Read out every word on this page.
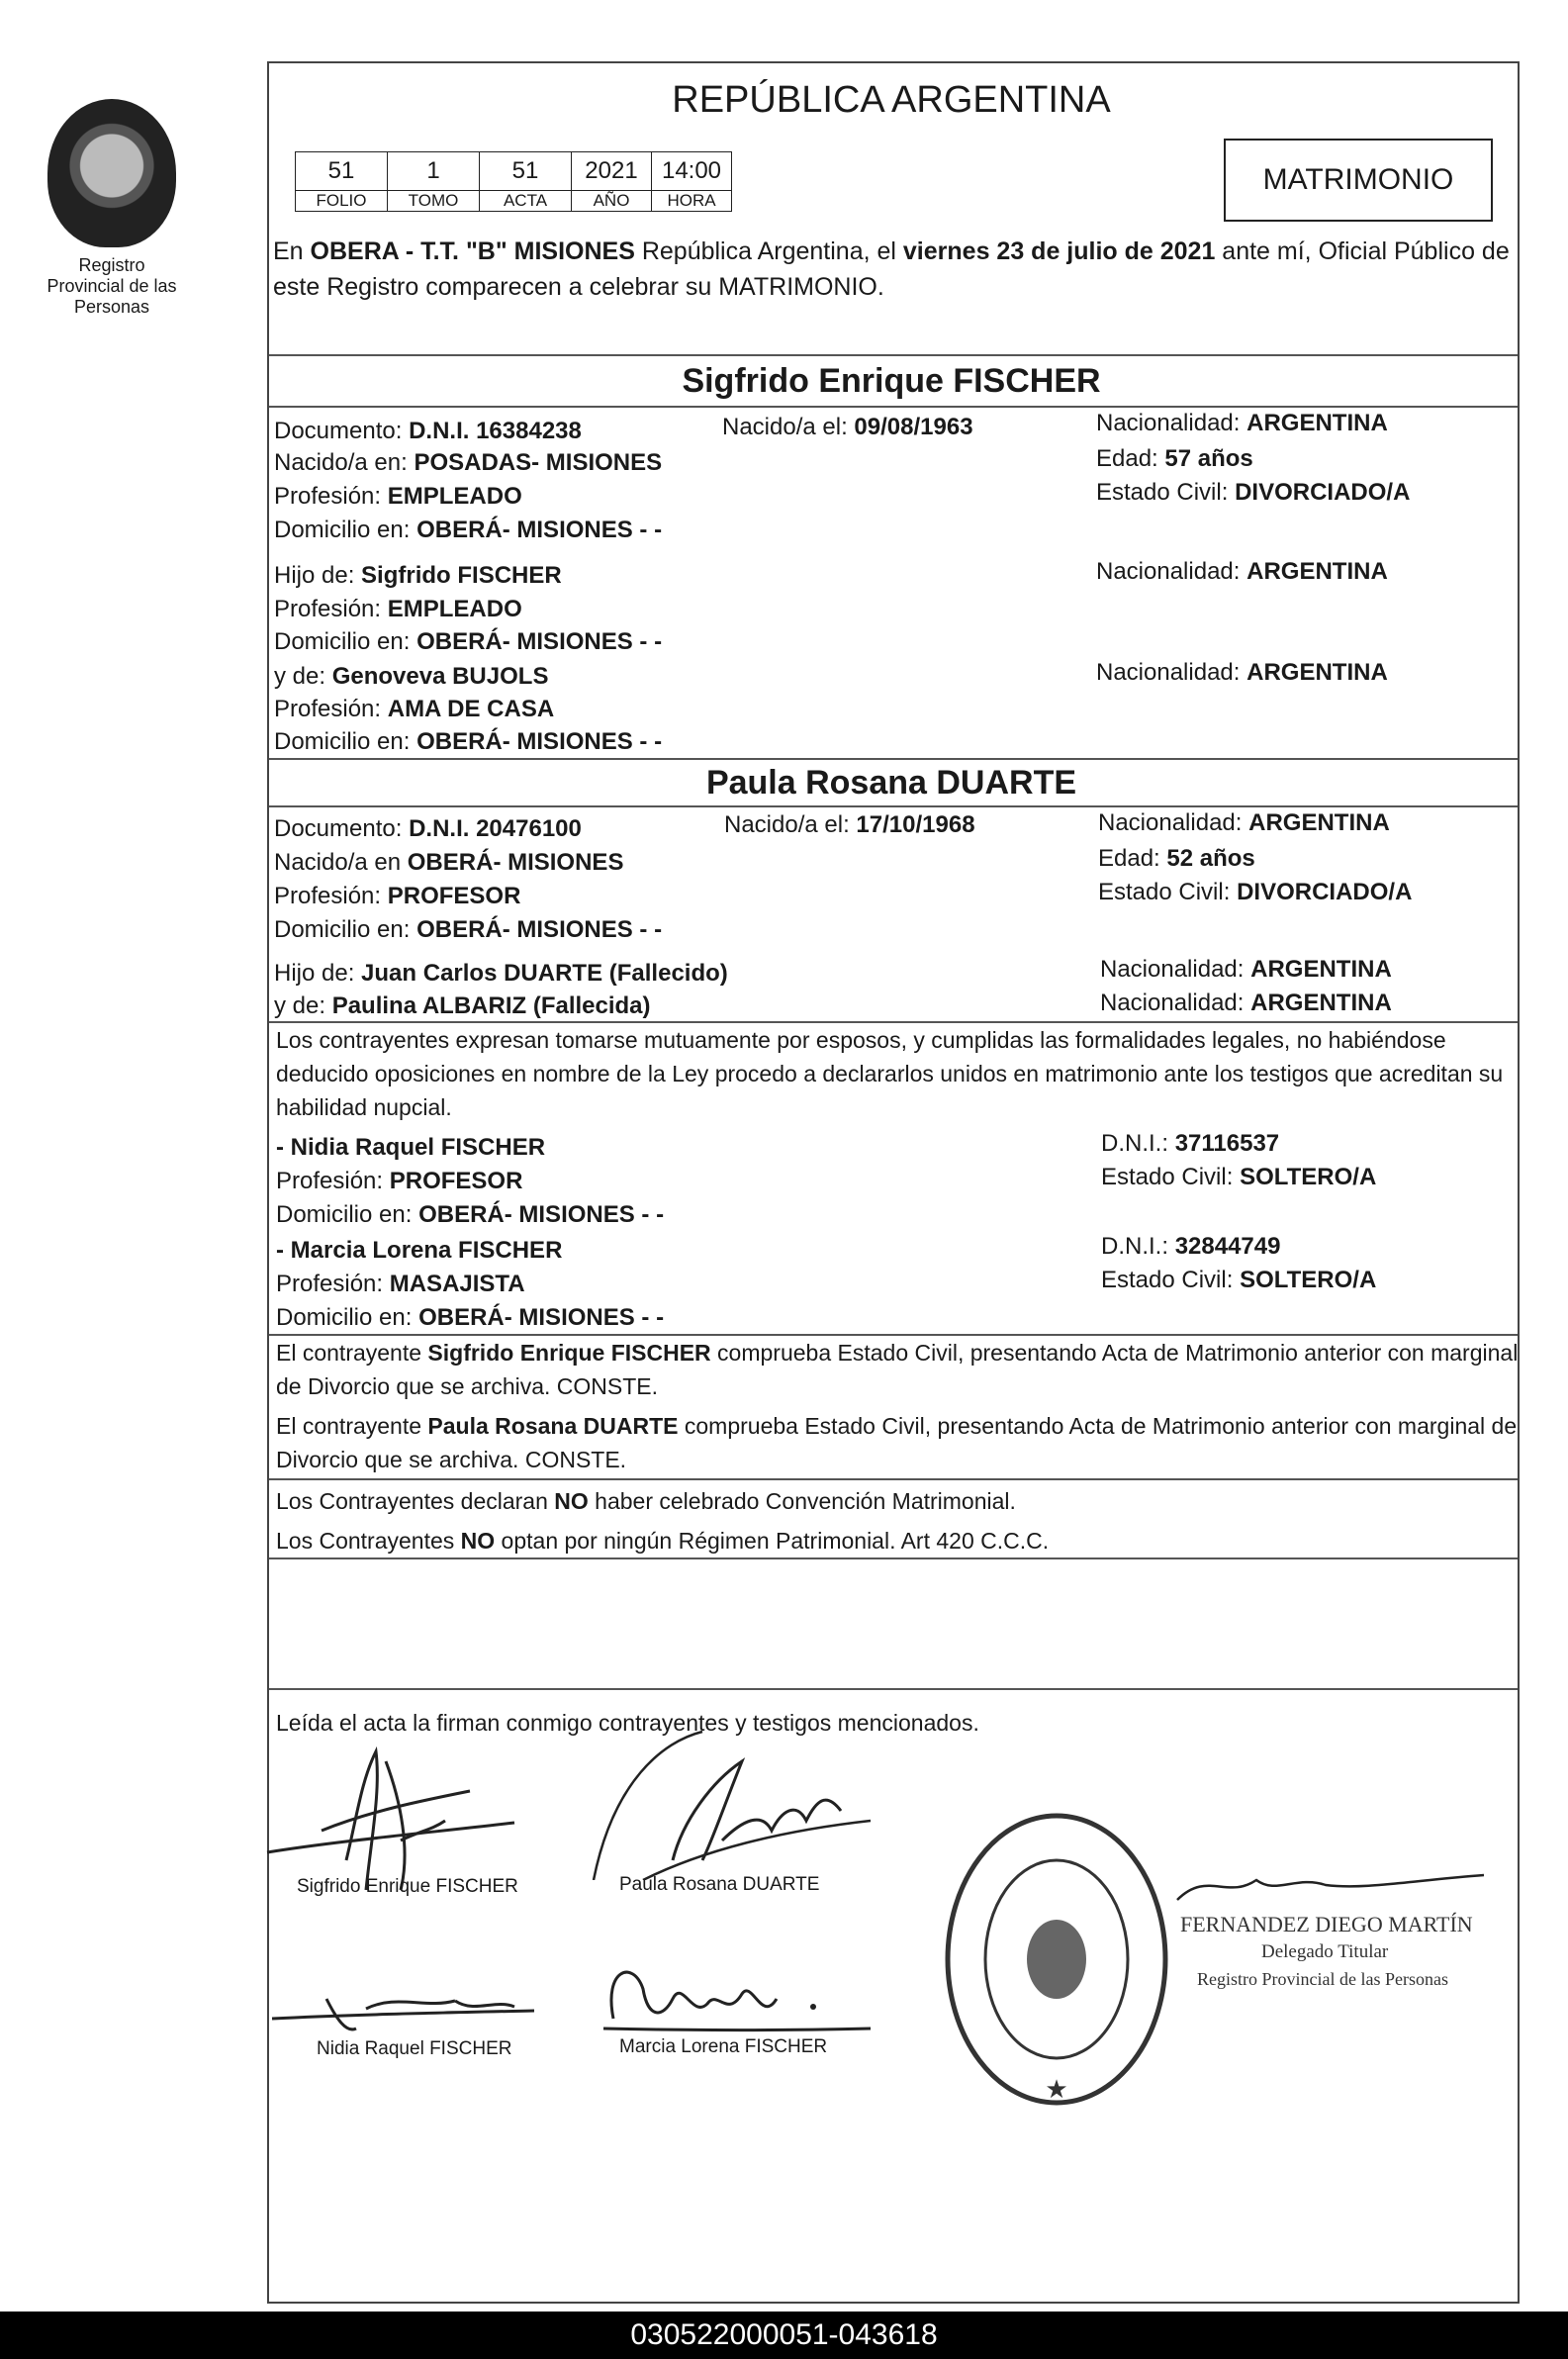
Registro Provincial de las Personas
REPÚBLICA ARGENTINA
51	1	51	2021	14:00
FOLIO	TOMO	ACTA	AÑO	HORA
MATRIMONIO
En OBERA - T.T. "B" MISIONES República Argentina, el viernes 23 de julio de 2021 ante mí, Oficial Público de este Registro comparecen a celebrar su MATRIMONIO.
Sigfrido Enrique FISCHER
Documento: D.N.I. 16384238	Nacido/a el: 09/08/1963	Nacionalidad: ARGENTINA
Nacido/a en: POSADAS- MISIONES	Edad: 57 años
Profesión: EMPLEADO	Estado Civil: DIVORCIADO/A
Domicilio en: OBERÁ- MISIONES - -
Hijo de: Sigfrido FISCHER	Nacionalidad: ARGENTINA
Profesión: EMPLEADO
Domicilio en: OBERÁ- MISIONES - -
y de: Genoveva BUJOLS	Nacionalidad: ARGENTINA
Profesión: AMA DE CASA
Domicilio en: OBERÁ- MISIONES - -
Paula Rosana DUARTE
Documento: D.N.I. 20476100	Nacido/a el: 17/10/1968	Nacionalidad: ARGENTINA
Nacido/a en OBERÁ- MISIONES	Edad: 52 años
Profesión: PROFESOR	Estado Civil: DIVORCIADO/A
Domicilio en: OBERÁ- MISIONES - -
Hijo de: Juan Carlos DUARTE (Fallecido)	Nacionalidad: ARGENTINA
y de: Paulina ALBARIZ (Fallecida)	Nacionalidad: ARGENTINA
Los contrayentes expresan tomarse mutuamente por esposos, y cumplidas las formalidades legales, no habiéndose deducido oposiciones en nombre de la Ley procedo a declararlos unidos en matrimonio ante los testigos que acreditan su habilidad nupcial.
- Nidia Raquel FISCHER	D.N.I.: 37116537
Profesión: PROFESOR	Estado Civil: SOLTERO/A
Domicilio en: OBERÁ- MISIONES - -
- Marcia Lorena FISCHER	D.N.I.: 32844749
Profesión: MASAJISTA	Estado Civil: SOLTERO/A
Domicilio en: OBERÁ- MISIONES - -
El contrayente Sigfrido Enrique FISCHER comprueba Estado Civil, presentando Acta de Matrimonio anterior con marginal de Divorcio que se archiva. CONSTE.
El contrayente Paula Rosana DUARTE comprueba Estado Civil, presentando Acta de Matrimonio anterior con marginal de Divorcio que se archiva. CONSTE.
Los Contrayentes declaran NO haber celebrado Convención Matrimonial.
Los Contrayentes NO optan por ningún Régimen Patrimonial. Art 420 C.C.C.
Leída el acta la firman conmigo contrayentes y testigos mencionados.
Sigfrido Enrique FISCHER	Paula Rosana DUARTE
Nidia Raquel FISCHER	Marcia Lorena FISCHER
★
FERNANDEZ DIEGO MARTÍN
Delegado Titular
Registro Provincial de las Personas
030522000051-043618
